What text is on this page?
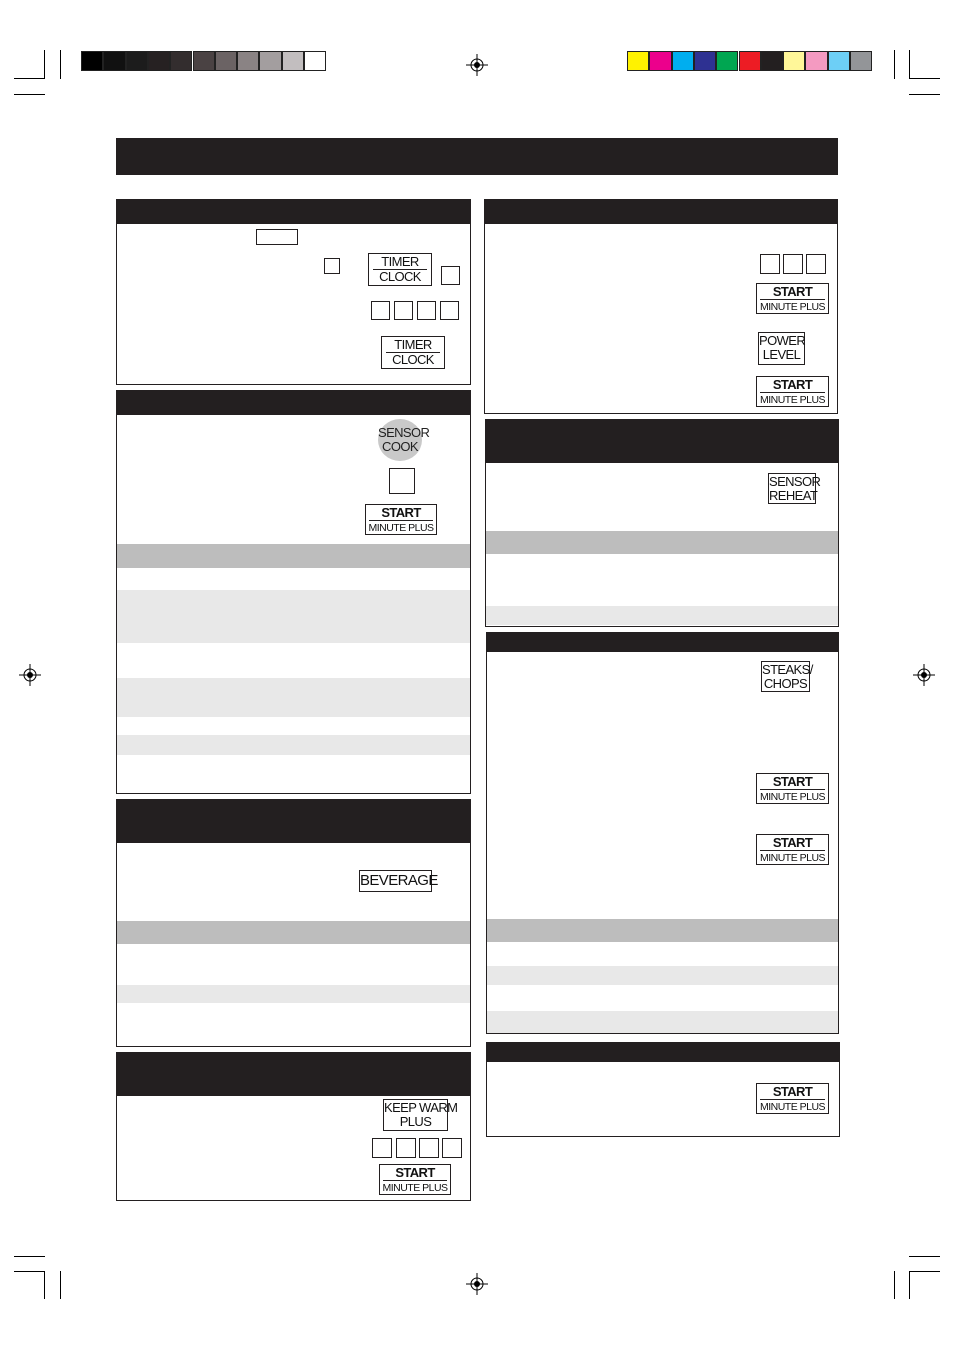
TIMER
CLOCK
TIMER
CLOCK
SENSOR
COOK
START
MINUTE PLUS
BEVERAGE
KEEP WARM
PLUS
START
MINUTE PLUS
START
MINUTE PLUS
POWER
LEVEL
START
MINUTE PLUS
SENSOR
REHEAT
STEAKS/
CHOPS
START
MINUTE PLUS
START
MINUTE PLUS
START
MINUTE PLUS
